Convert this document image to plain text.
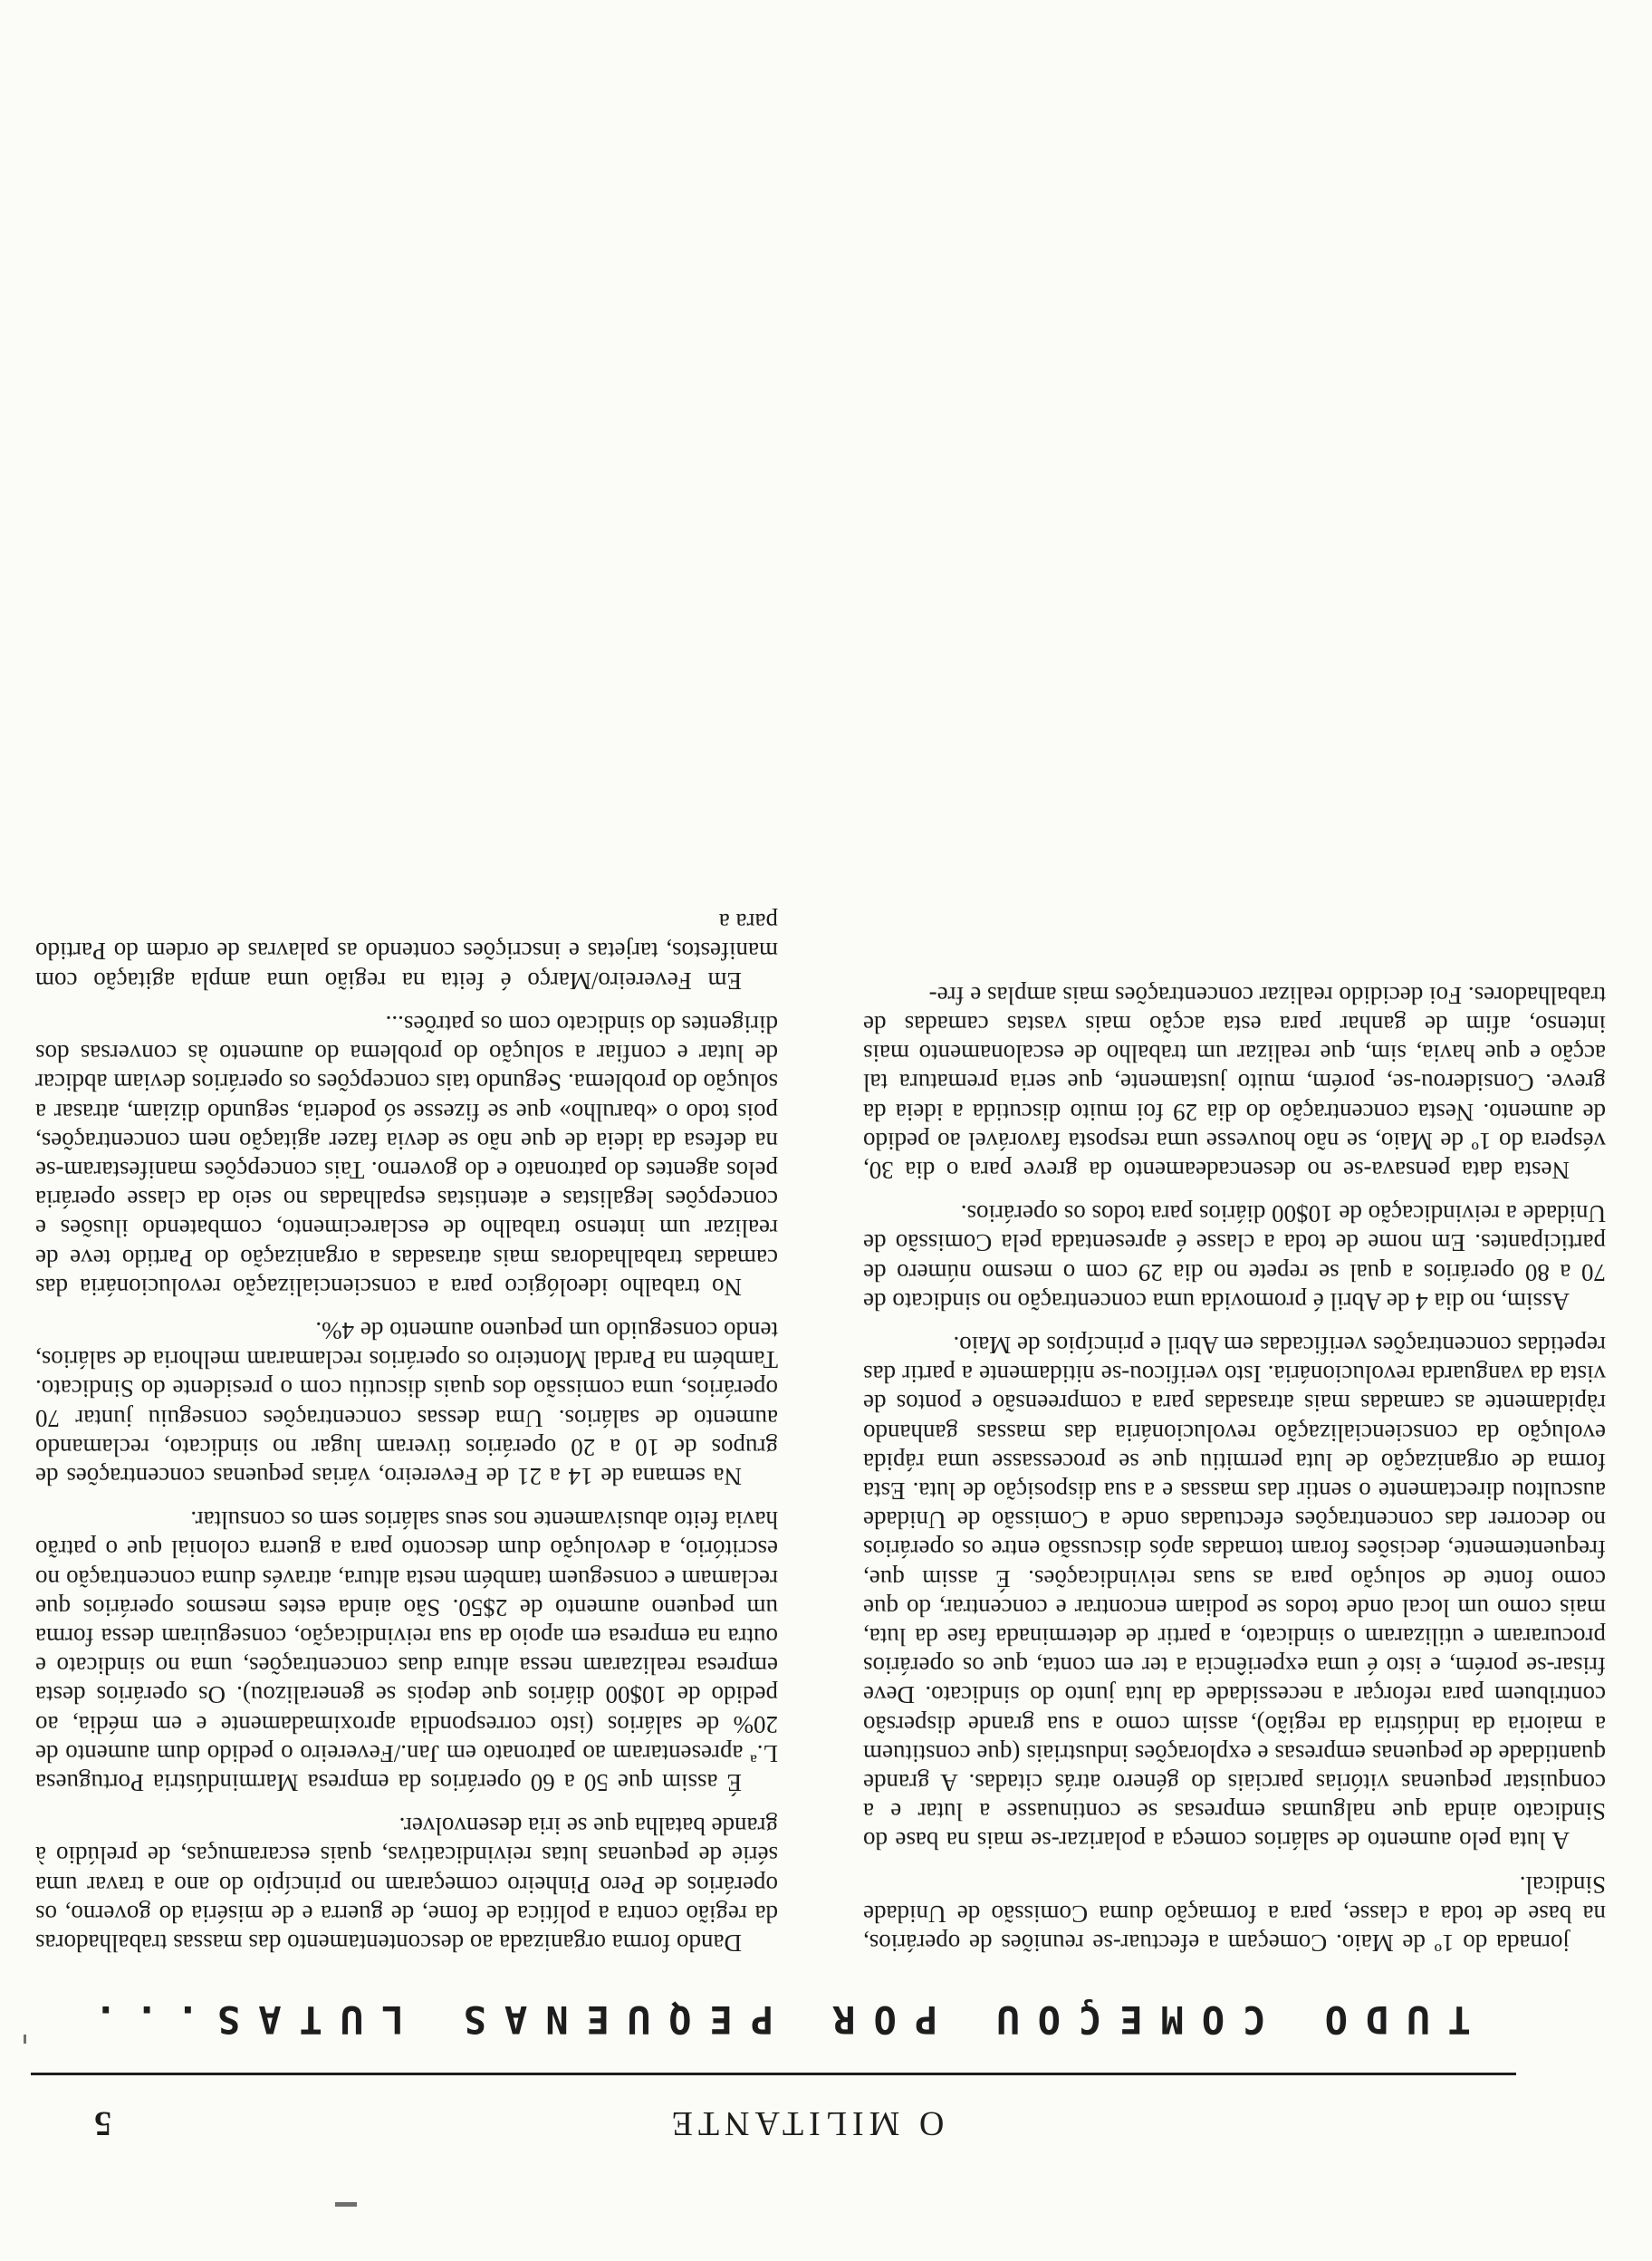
O MILITANTE
5
TUDO COMEÇOU POR PEQUENAS LUTAS...

Dando forma organizada ao descontentamento das massas trabalhadoras da região contra a política de fome, de guerra e de miséria do governo, os operários de Pero Pinheiro começaram no princípio do ano a travar uma série de pequenas lutas reivindicativas, quais escaramuças, de prelúdio à grande batalha que se iria desenvolver.

É assim que 50 a 60 operários da empresa Marmindústria Portuguesa L.ª apresentaram ao patronato em Jan./Fevereiro o pedido dum aumento de 20% de salários (isto correspondia aproximadamente e em média, ao pedido de 10$00 diários que depois se generalizou). Os operários desta empresa realizaram nessa altura duas concentrações, uma no sindicato e outra na empresa em apoio da sua reivindicação, conseguiram dessa forma um pequeno aumento de 2$50. São ainda estes mesmos operários que reclamam e conseguem também nesta altura, através duma concentração no escritório, a devolução dum desconto para a guerra colonial que o patrão havia feito abusivamente nos seus salários sem os consultar.

Na semana de 14 a 21 de Fevereiro, várias pequenas concentrações de grupos de 10 a 20 operários tiveram lugar no sindicato, reclamando aumento de salários. Uma dessas concentrações conseguiu juntar 70 operários, uma comissão dos quais discutiu com o presidente do Sindicato. Também na Pardal Monteiro os operários reclamaram melhoria de salários, tendo conseguido um pequeno aumento de 4%.

No trabalho ideológico para a consciencialização revolucionária das camadas trabalhadoras mais atrasadas a organização do Partido teve de realizar um intenso trabalho de esclarecimento, combatendo ilusões e concepções legalistas e atentistas espalhadas no seio da classe operária pelos agentes do patronato e do governo. Tais concepções manifestaram-se na defesa da ideia de que não se devia fazer agitação nem concentrações, pois todo o «barulho» que se fizesse só poderia, segundo diziam, atrasar a solução do problema. Segundo tais concepções os operários deviam abdicar de lutar e confiar a solução do problema do aumento às conversas dos dirigentes do sindicato com os patrões...

Em Fevereiro/Março é feita na região uma ampla agitação com manifestos, tarjetas e inscrições contendo as palavras de ordem do Partido para a

jornada do 1º de Maio. Começam a efectuar-se reuniões de operários, na base de toda a classe, para a formação duma Comissão de Unidade Sindical.

A luta pelo aumento de salários começa a polarizar-se mais na base do Sindicato ainda que nalgumas empresas se continuasse a lutar e a conquistar pequenas vitórias parciais do género atrás citadas. A grande quantidade de pequenas empresas e explorações industriais (que constituem a maioria da indústria da região), assim como a sua grande dispersão contribuem para reforçar a necessidade da luta junto do sindicato. Deve frisar-se porém, e isto é uma experiência a ter em conta, que os operários procuraram e utilizaram o sindicato, a partir de determinada fase da luta, mais como um local onde todos se podiam encontrar e concentrar, do que como fonte de solução para as suas reivindicações. É assim que, frequentemente, decisões foram tomadas após discussão entre os operários no decorrer das concentrações efectuadas onde a Comissão de Unidade auscultou directamente o sentir das massas e a sua disposição de luta. Esta forma de organização de luta permitiu que se processasse uma rápida evolução da consciencialização revolucionária das massas ganhando ràpidamente as camadas mais atrasadas para a compreensão e pontos de vista da vanguarda revolucionária. Isto verificou-se nitidamente a partir das repetidas concentrações verificadas em Abril e princípios de Maio.

Assim, no dia 4 de Abril é promovida uma concentração no sindicato de 70 a 80 operários a qual se repete no dia 29 com o mesmo número de participantes. Em nome de toda a classe é apresentada pela Comissão de Unidade a reivindicação de 10$00 diários para todos os operários.

Nesta data pensava-se no desencadeamento da greve para o dia 30, véspera do 1º de Maio, se não houvesse uma resposta favorável ao pedido de aumento. Nesta concentração do dia 29 foi muito discutida a ideia da greve. Considerou-se, porém, muito justamente, que seria prematura tal acção e que havia, sim, que realizar um trabalho de escalonamento mais intenso, afim de ganhar para esta acção mais vastas camadas de trabalhadores. Foi decidido realizar concentrações mais amplas e fre-
